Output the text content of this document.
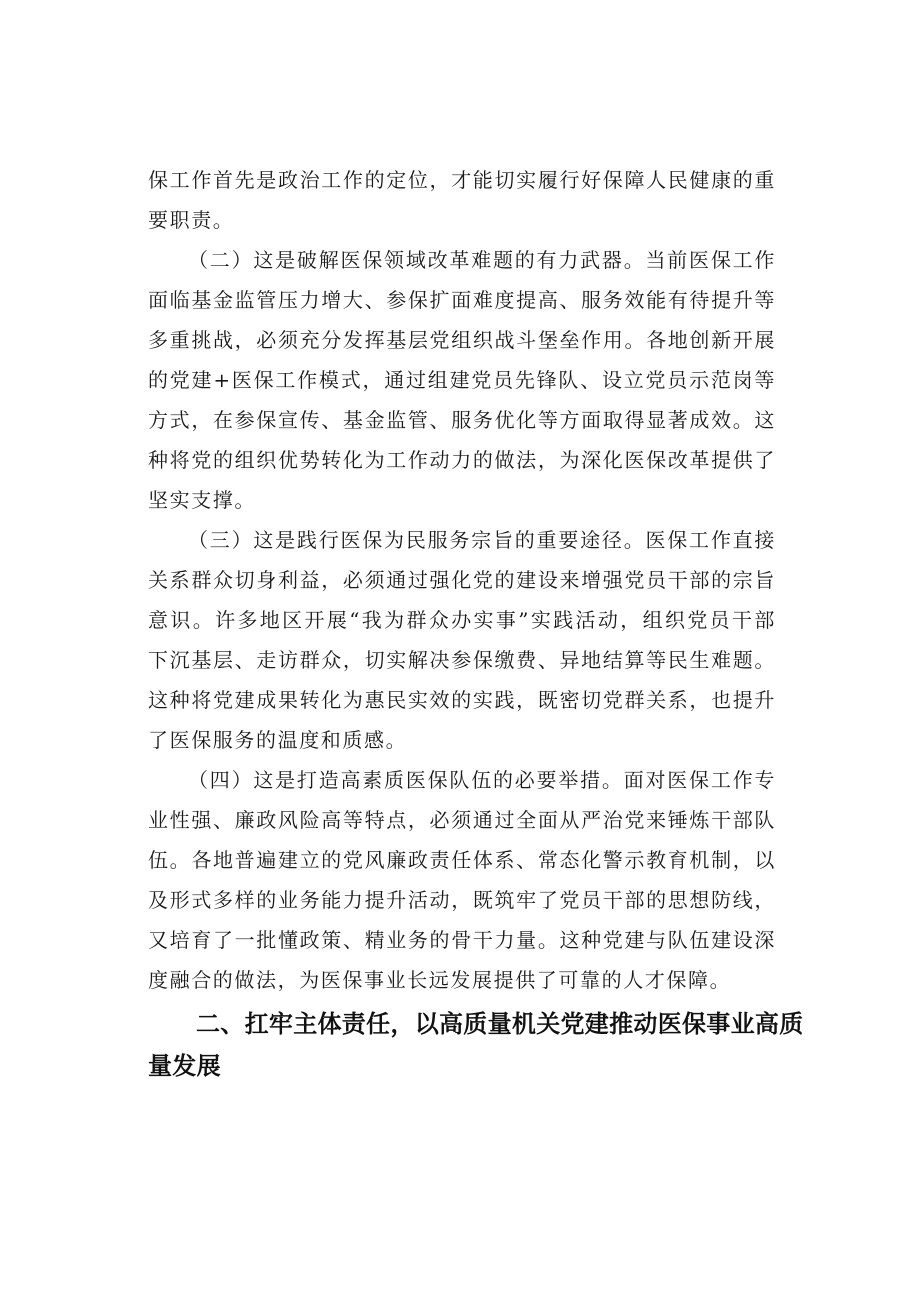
保工作首先是政治工作的定位，才能切实履行好保障人民健康的重要职责。

（二）这是破解医保领域改革难题的有力武器。当前医保工作面临基金监管压力增大、参保扩面难度提高、服务效能有待提升等多重挑战，必须充分发挥基层党组织战斗堡垒作用。各地创新开展的党建+医保工作模式，通过组建党员先锋队、设立党员示范岗等方式，在参保宣传、基金监管、服务优化等方面取得显著成效。这种将党的组织优势转化为工作动力的做法，为深化医保改革提供了坚实支撑。

（三）这是践行医保为民服务宗旨的重要途径。医保工作直接关系群众切身利益，必须通过强化党的建设来增强党员干部的宗旨意识。许多地区开展“我为群众办实事”实践活动，组织党员干部下沉基层、走访群众，切实解决参保缴费、异地结算等民生难题。这种将党建成果转化为惠民实效的实践，既密切党群关系，也提升了医保服务的温度和质感。

（四）这是打造高素质医保队伍的必要举措。面对医保工作专业性强、廉政风险高等特点，必须通过全面从严治党来锤炼干部队伍。各地普遍建立的党风廉政责任体系、常态化警示教育机制，以及形式多样的业务能力提升活动，既筑牢了党员干部的思想防线，又培育了一批懂政策、精业务的骨干力量。这种党建与队伍建设深度融合的做法，为医保事业长远发展提供了可靠的人才保障。

二、扛牢主体责任，以高质量机关党建推动医保事业高质量发展
